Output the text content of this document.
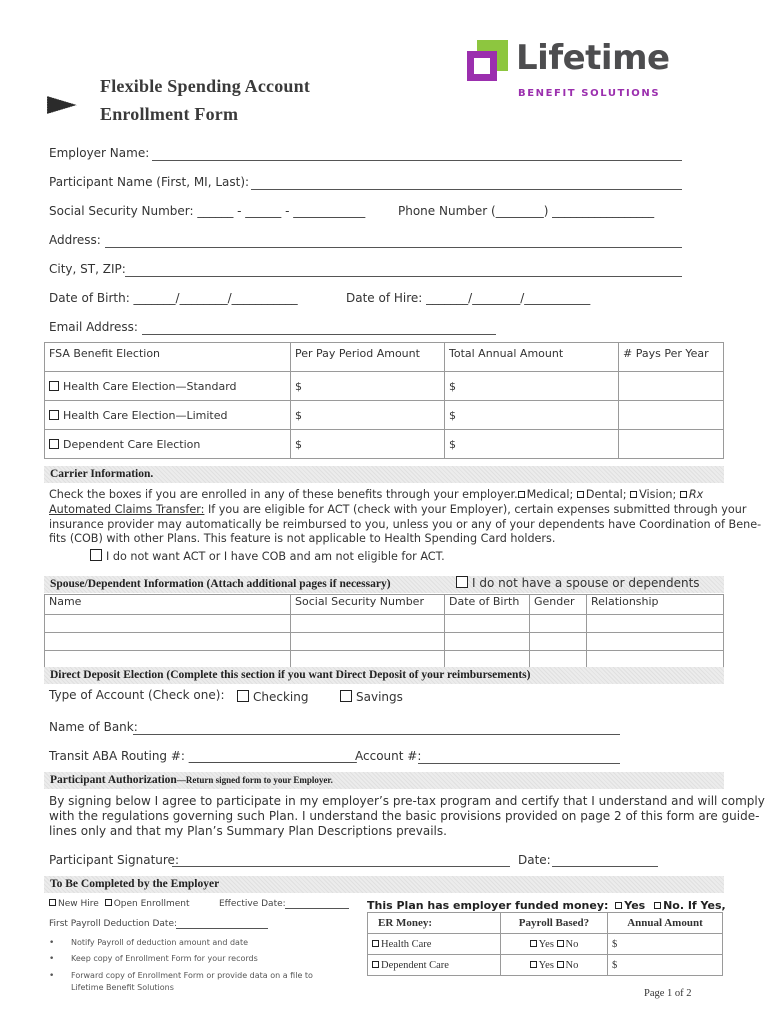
Flexible Spending Account
Enrollment Form
Lifetime
BENEFIT SOLUTIONS
Employer Name:
Participant Name (First, MI, Last):
Social Security Number: ______ - ______ - ____________	Phone Number (________) _________________
Address:
City, ST, ZIP:
Date of Birth: _______/________/___________	Date of Hire: _______/________/___________
Email Address:
FSA Benefit Election	Per Pay Period Amount	Total Annual Amount	# Pays Per Year
Health Care Election—Standard	$	$	
Health Care Election—Limited	$	$	
Dependent Care Election	$	$	
Carrier Information.
Check the boxes if you are enrolled in any of these benefits through your employer. Medical; Dental; Vision; Rx
Automated Claims Transfer: If you are eligible for ACT (check with your Employer), certain expenses submitted through your
insurance provider may automatically be reimbursed to you, unless you or any of your dependents have Coordination of Bene-
fits (COB) with other Plans. This feature is not applicable to Health Spending Card holders.
I do not want ACT or I have COB and am not eligible for ACT.
Spouse/Dependent Information (Attach additional pages if necessary)	I do not have a spouse or dependents
Name	Social Security Number	Date of Birth	Gender	Relationship

Direct Deposit Election (Complete this section if you want Direct Deposit of your reimbursements)
Type of Account (Check one):	Checking	Savings
Name of Bank:
Transit ABA Routing #: ____________________________
Account #:
Participant Authorization—Return signed form to your Employer.
By signing below I agree to participate in my employer’s pre-tax program and certify that I understand and will comply
with the regulations governing such Plan. I understand the basic provisions provided on page 2 of this form are guide-
lines only and that my Plan’s Summary Plan Descriptions prevails.
Participant Signature:	Date:
To Be Completed by the Employer
New Hire Open Enrollment	Effective Date:
First Payroll Deduction Date:
• Notify Payroll of deduction amount and date
• Keep copy of Enrollment Form for your records
• Forward copy of Enrollment Form or provide data on a file to
Lifetime Benefit Solutions
This Plan has employer funded money: Yes No. If Yes,
ER Money:	Payroll Based?	Annual Amount
Health Care	Yes No	$
Dependent Care	Yes No	$
Page 1 of 2
